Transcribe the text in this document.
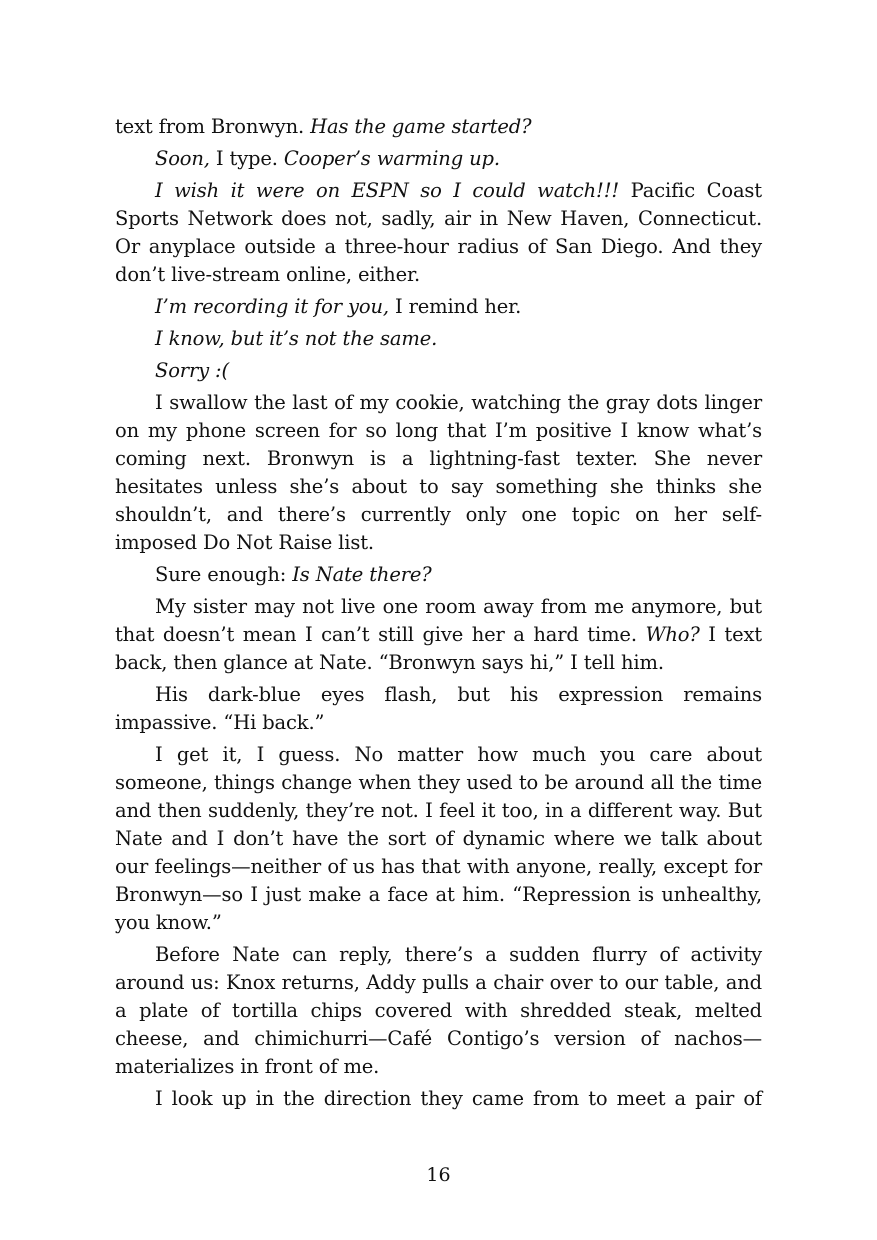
text from Bronwyn. Has the game started?

Soon, I type. Cooper’s warming up.

I wish it were on ESPN so I could watch!!! Pacific Coast Sports Network does not, sadly, air in New Haven, Connecticut. Or anyplace outside a three-hour radius of San Diego. And they don’t live-stream online, either.

I’m recording it for you, I remind her.

I know, but it’s not the same.

Sorry :(

I swallow the last of my cookie, watching the gray dots linger on my phone screen for so long that I’m positive I know what’s coming next. Bronwyn is a lightning-fast texter. She never hesitates unless she’s about to say something she thinks she shouldn’t, and there’s currently only one topic on her self-imposed Do Not Raise list.

Sure enough: Is Nate there?

My sister may not live one room away from me anymore, but that doesn’t mean I can’t still give her a hard time. Who? I text back, then glance at Nate. “Bronwyn says hi,” I tell him.

His dark-blue eyes flash, but his expression remains impassive. “Hi back.”

I get it, I guess. No matter how much you care about someone, things change when they used to be around all the time and then suddenly, they’re not. I feel it too, in a different way. But Nate and I don’t have the sort of dynamic where we talk about our feelings—neither of us has that with anyone, really, except for Bronwyn—so I just make a face at him. “Repression is unhealthy, you know.”

Before Nate can reply, there’s a sudden flurry of activity around us: Knox returns, Addy pulls a chair over to our table, and a plate of tortilla chips covered with shredded steak, melted cheese, and chimichurri—Café Contigo’s version of nachos—materializes in front of me.

I look up in the direction they came from to meet a pair of

16
